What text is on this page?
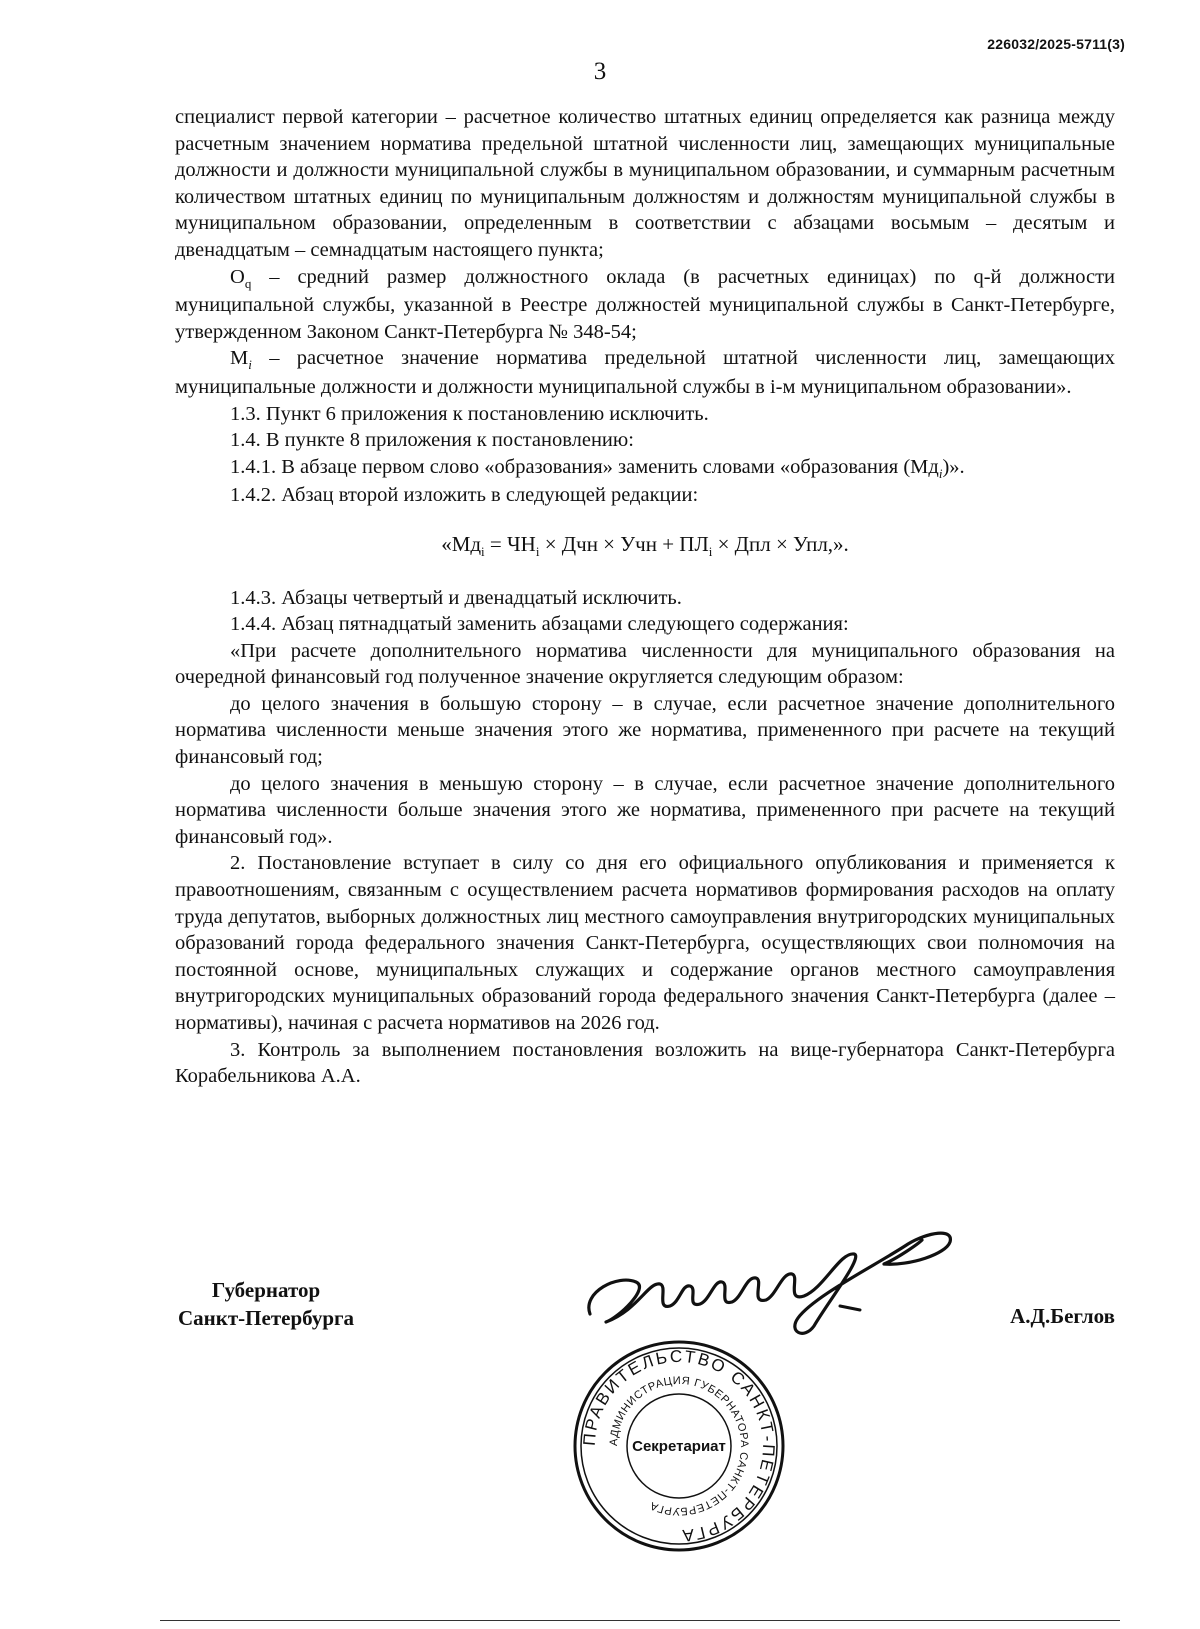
226032/2025-5711(3)
3

специалист первой категории – расчетное количество штатных единиц определяется как разница между расчетным значением норматива предельной штатной численности лиц, замещающих муниципальные должности и должности муниципальной службы в муниципальном образовании, и суммарным расчетным количеством штатных единиц по муниципальным должностям и должностям муниципальной службы в муниципальном образовании, определенным в соответствии с абзацами восьмым – десятым и двенадцатым – семнадцатым настоящего пункта;

$O_q$ – средний размер должностного оклада (в расчетных единицах) по q-й должности муниципальной службы, указанной в Реестре должностей муниципальной службы в Санкт-Петербурге, утвержденном Законом Санкт-Петербурга № 348-54;

$M_i$ – расчетное значение норматива предельной штатной численности лиц, замещающих муниципальные должности и должности муниципальной службы в i-м муниципальном образовании».

1.3. Пункт 6 приложения к постановлению исключить.

1.4. В пункте 8 приложения к постановлению:

1.4.1. В абзаце первом слово «образования» заменить словами «образования $(Мд_i)$».

1.4.2. Абзац второй изложить в следующей редакции:

«$Мд_i = ЧН_i$ × Дчн × Учн + $ПЛ_i$ × Дпл × Упл,».

1.4.3. Абзацы четвертый и двенадцатый исключить.

1.4.4. Абзац пятнадцатый заменить абзацами следующего содержания:

«При расчете дополнительного норматива численности для муниципального образования на очередной финансовый год полученное значение округляется следующим образом:

до целого значения в большую сторону – в случае, если расчетное значение дополнительного норматива численности меньше значения этого же норматива, примененного при расчете на текущий финансовый год;

до целого значения в меньшую сторону – в случае, если расчетное значение дополнительного норматива численности больше значения этого же норматива, примененного при расчете на текущий финансовый год».

2. Постановление вступает в силу со дня его официального опубликования и применяется к правоотношениям, связанным с осуществлением расчета нормативов формирования расходов на оплату труда депутатов, выборных должностных лиц местного самоуправления внутригородских муниципальных образований города федерального значения Санкт-Петербурга, осуществляющих свои полномочия на постоянной основе, муниципальных служащих и содержание органов местного самоуправления внутригородских муниципальных образований города федерального значения Санкт-Петербурга (далее – нормативы), начиная с расчета нормативов на 2026 год.

3. Контроль за выполнением постановления возложить на вице-губернатора Санкт-Петербурга Корабельникова А.А.

Губернатор
Санкт-Петербурга	А.Д.Беглов
ПРАВИТЕЛЬСТВО САНКТ-ПЕТЕРБУРГА
АДМИНИСТРАЦИЯ ГУБЕРНАТОРА САНКТ-ПЕТЕРБУРГА
Секретариат
